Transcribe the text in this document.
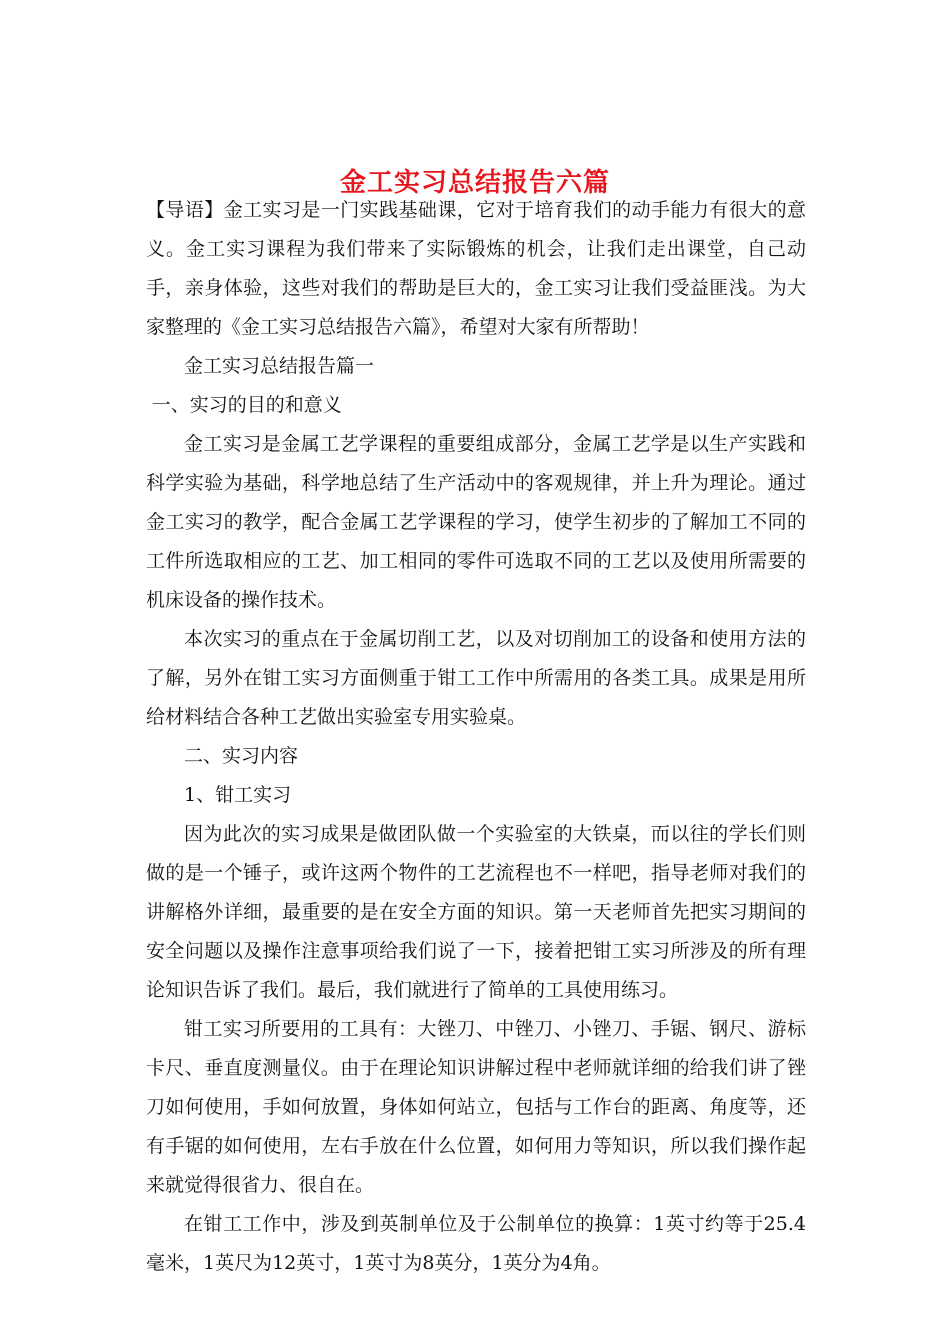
金工实习总结报告六篇

【导语】金工实习是一门实践基础课，它对于培育我们的动手能力有很大的意义。金工实习课程为我们带来了实际锻炼的机会，让我们走出课堂，自己动手，亲身体验，这些对我们的帮助是巨大的，金工实习让我们受益匪浅。为大家整理的《金工实习总结报告六篇》，希望对大家有所帮助！

金工实习总结报告篇一

一、实习的目的和意义

金工实习是金属工艺学课程的重要组成部分，金属工艺学是以生产实践和科学实验为基础，科学地总结了生产活动中的客观规律，并上升为理论。通过金工实习的教学，配合金属工艺学课程的学习，使学生初步的了解加工不同的工件所选取相应的工艺、加工相同的零件可选取不同的工艺以及使用所需要的机床设备的操作技术。

本次实习的重点在于金属切削工艺，以及对切削加工的设备和使用方法的了解，另外在钳工实习方面侧重于钳工工作中所需用的各类工具。成果是用所给材料结合各种工艺做出实验室专用实验桌。

二、实习内容

1、钳工实习

因为此次的实习成果是做团队做一个实验室的大铁桌，而以往的学长们则做的是一个锤子，或许这两个物件的工艺流程也不一样吧，指导老师对我们的讲解格外详细，最重要的是在安全方面的知识。第一天老师首先把实习期间的安全问题以及操作注意事项给我们说了一下，接着把钳工实习所涉及的所有理论知识告诉了我们。最后，我们就进行了简单的工具使用练习。

钳工实习所要用的工具有：大锉刀、中锉刀、小锉刀、手锯、钢尺、游标卡尺、垂直度测量仪。由于在理论知识讲解过程中老师就详细的给我们讲了锉刀如何使用，手如何放置，身体如何站立，包括与工作台的距离、角度等，还有手锯的如何使用，左右手放在什么位置，如何用力等知识，所以我们操作起来就觉得很省力、很自在。

在钳工工作中，涉及到英制单位及于公制单位的换算：1英寸约等于25.4毫米，1英尺为12英寸，1英寸为8英分，1英分为4角。
